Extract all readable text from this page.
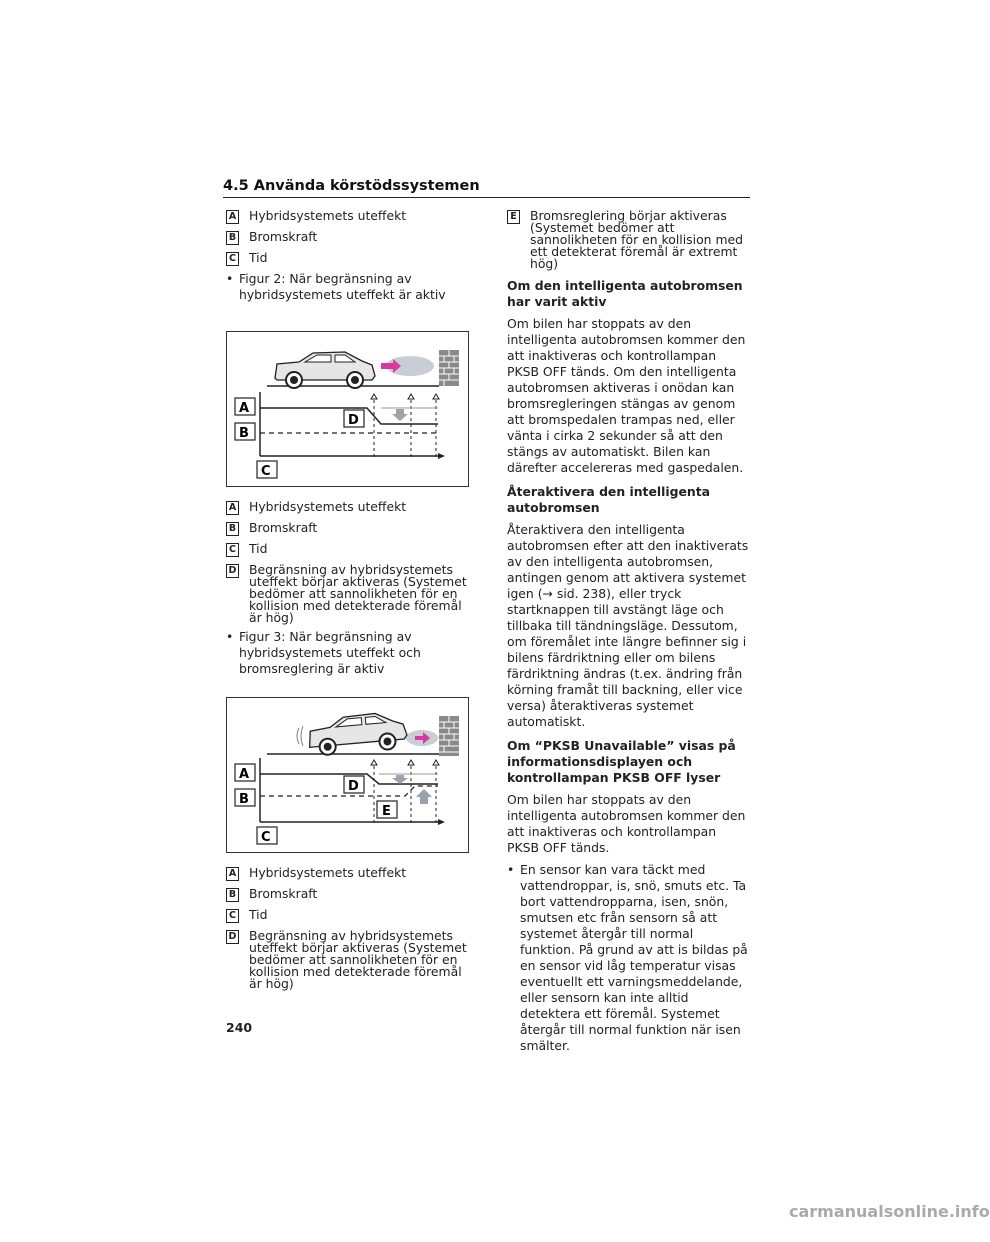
4.5 Använda körstödssystemen
A Hybridsystemets uteffekt
B Bromskraft
C Tid
• Figur 2: När begränsning av hybridsystemets uteffekt är aktiv
A
B
C
D
A Hybridsystemets uteffekt
B Bromskraft
C Tid
D Begränsning av hybridsystemets uteffekt börjar aktiveras (Systemet bedömer att sannolikheten för en kollision med detekterade föremål är hög)
• Figur 3: När begränsning av hybridsystemets uteffekt och bromsreglering är aktiv
A
B
C
D
E
A Hybridsystemets uteffekt
B Bromskraft
C Tid
D Begränsning av hybridsystemets uteffekt börjar aktiveras (Systemet bedömer att sannolikheten för en kollision med detekterade föremål är hög)
E Bromsreglering börjar aktiveras (Systemet bedömer att sannolikheten för en kollision med ett detekterat föremål är extremt hög)
Om den intelligenta autobromsen har varit aktiv

Om bilen har stoppats av den intelligenta autobromsen kommer den att inaktiveras och kontrollampan PKSB OFF tänds. Om den intelligenta autobromsen aktiveras i onödan kan bromsregleringen stängas av genom att bromspedalen trampas ned, eller vänta i cirka 2 sekunder så att den stängs av automatiskt. Bilen kan därefter accelereras med gaspedalen.

Återaktivera den intelligenta autobromsen

Återaktivera den intelligenta autobromsen efter att den inaktiverats av den intelligenta autobromsen, antingen genom att aktivera systemet igen (→ sid. 238), eller tryck startknappen till avstängt läge och tillbaka till tändningsläge. Dessutom, om föremålet inte längre befinner sig i bilens färdriktning eller om bilens färdriktning ändras (t.ex. ändring från körning framåt till backning, eller vice versa) återaktiveras systemet automatiskt.

Om “PKSB Unavailable” visas på informationsdisplayen och kontrollampan PKSB OFF lyser

Om bilen har stoppats av den intelligenta autobromsen kommer den att inaktiveras och kontrollampan PKSB OFF tänds.

• En sensor kan vara täckt med vattendroppar, is, snö, smuts etc. Ta bort vattendropparna, isen, snön, smutsen etc från sensorn så att systemet återgår till normal funktion. På grund av att is bildas på en sensor vid låg temperatur visas eventuellt ett varningsmeddelande, eller sensorn kan inte alltid detektera ett föremål. Systemet återgår till normal funktion när isen smälter.
240
carmanualsonline.info
